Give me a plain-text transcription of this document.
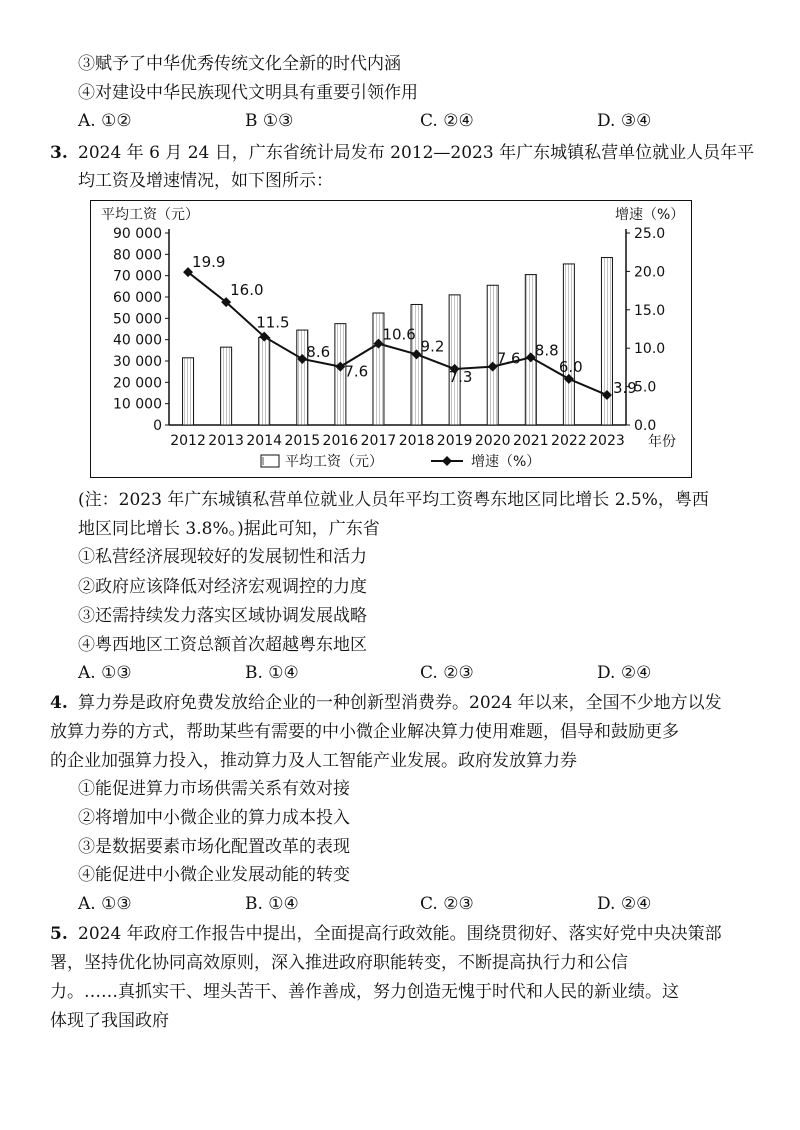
③赋予了中华优秀传统文化全新的时代内涵
④对建设中华民族现代文明具有重要引领作用
A. ①②	B ①③	C. ②④	D. ③④
3. 2024 年 6 月 24 日，广东省统计局发布 2012—2023 年广东城镇私营单位就业人员年平
均工资及增速情况，如下图所示：
平均工资（元）	增速（%）
0
10 000
20 000
30 000
40 000
50 000
60 000
70 000
80 000
90 000
0.0
5.0
10.0
15.0
20.0
25.0
2012 2013 2014 2015 2016 2017 2018 2019 2020 2021 2022 2023
19.9
16.0
11.5
8.6
7.6
10.6
9.2
7.3
7.6 8.8
6.0
3.9
年份
平均工资（元）	增速（%）
(注：2023 年广东城镇私营单位就业人员年平均工资粤东地区同比增长 2.5%，粤西
地区同比增长 3.8%。)据此可知，广东省
①私营经济展现较好的发展韧性和活力
②政府应该降低对经济宏观调控的力度
③还需持续发力落实区域协调发展战略
④粤西地区工资总额首次超越粤东地区
A. ①③	B. ①④	C. ②③	D. ②④
4. 算力券是政府免费发放给企业的一种创新型消费券。2024 年以来，全国不少地方以发
放算力券的方式，帮助某些有需要的中小微企业解决算力使用难题，倡导和鼓励更多
的企业加强算力投入，推动算力及人工智能产业发展。政府发放算力券
①能促进算力市场供需关系有效对接
②将增加中小微企业的算力成本投入
③是数据要素市场化配置改革的表现
④能促进中小微企业发展动能的转变
A. ①③	B. ①④	C. ②③	D. ②④
5. 2024 年政府工作报告中提出，全面提高行政效能。围绕贯彻好、落实好党中央决策部
署，坚持优化协同高效原则，深入推进政府职能转变，不断提高执行力和公信
力。……真抓实干、埋头苦干、善作善成，努力创造无愧于时代和人民的新业绩。这
体现了我国政府
